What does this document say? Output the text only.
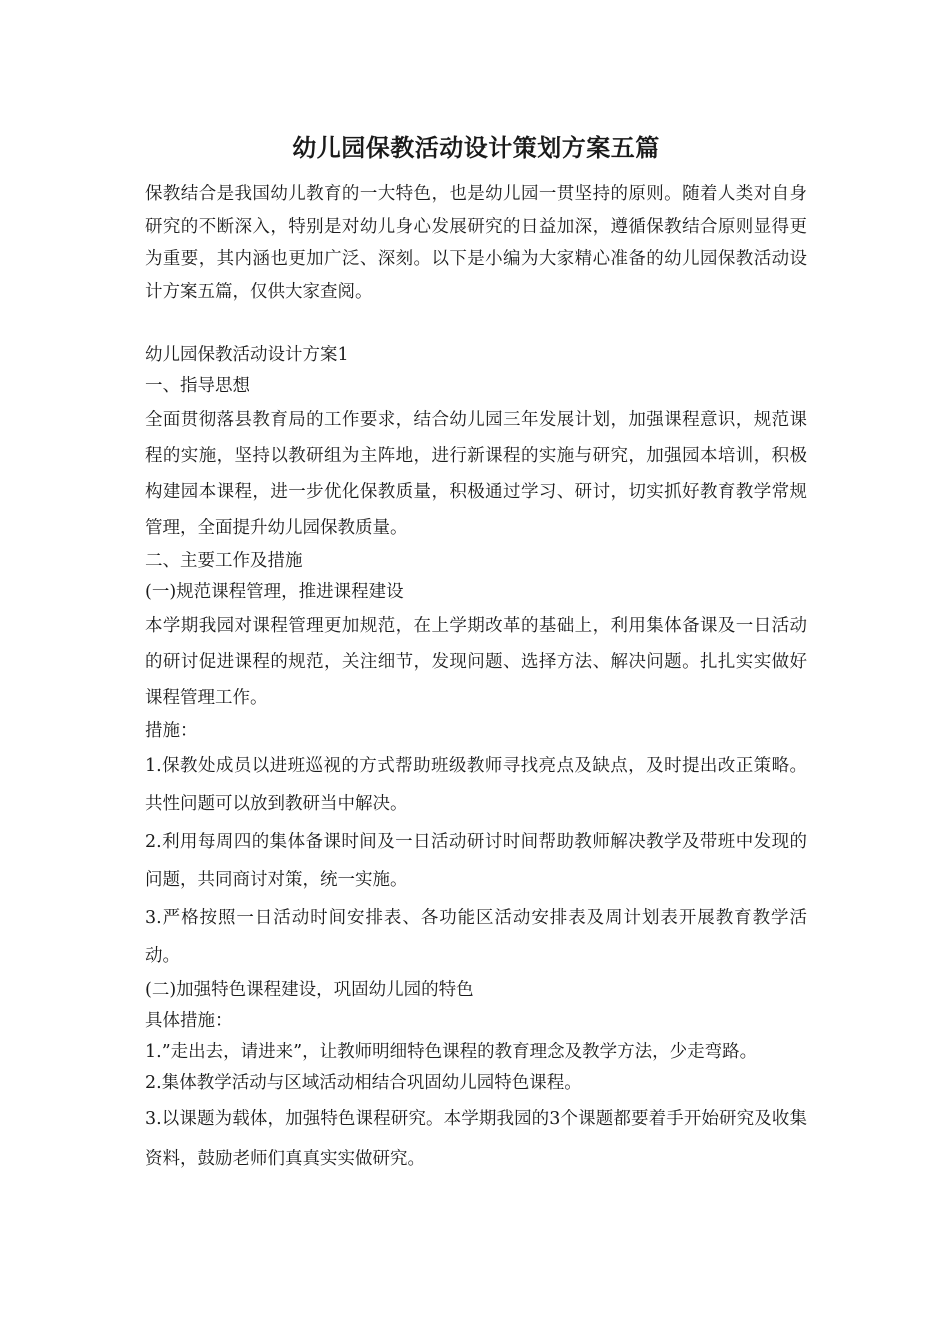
幼儿园保教活动设计策划方案五篇

保教结合是我国幼儿教育的一大特色，也是幼儿园一贯坚持的原则。随着人类对自身研究的不断深入，特别是对幼儿身心发展研究的日益加深，遵循保教结合原则显得更为重要，其内涵也更加广泛、深刻。以下是小编为大家精心准备的幼儿园保教活动设计方案五篇，仅供大家查阅。

幼儿园保教活动设计方案1

一、指导思想

全面贯彻落县教育局的工作要求，结合幼儿园三年发展计划，加强课程意识，规范课程的实施，坚持以教研组为主阵地，进行新课程的实施与研究，加强园本培训，积极构建园本课程，进一步优化保教质量，积极通过学习、研讨，切实抓好教育教学常规管理，全面提升幼儿园保教质量。

二、主要工作及措施

(一)规范课程管理，推进课程建设

本学期我园对课程管理更加规范，在上学期改革的基础上，利用集体备课及一日活动的研讨促进课程的规范，关注细节，发现问题、选择方法、解决问题。扎扎实实做好课程管理工作。

措施：

1.保教处成员以进班巡视的方式帮助班级教师寻找亮点及缺点，及时提出改正策略。共性问题可以放到教研当中解决。

2.利用每周四的集体备课时间及一日活动研讨时间帮助教师解决教学及带班中发现的问题，共同商讨对策，统一实施。

3.严格按照一日活动时间安排表、各功能区活动安排表及周计划表开展教育教学活动。

(二)加强特色课程建设，巩固幼儿园的特色

具体措施：

1.”走出去，请进来”，让教师明细特色课程的教育理念及教学方法，少走弯路。

2.集体教学活动与区域活动相结合巩固幼儿园特色课程。

3.以课题为载体，加强特色课程研究。本学期我园的3个课题都要着手开始研究及收集资料，鼓励老师们真真实实做研究。
